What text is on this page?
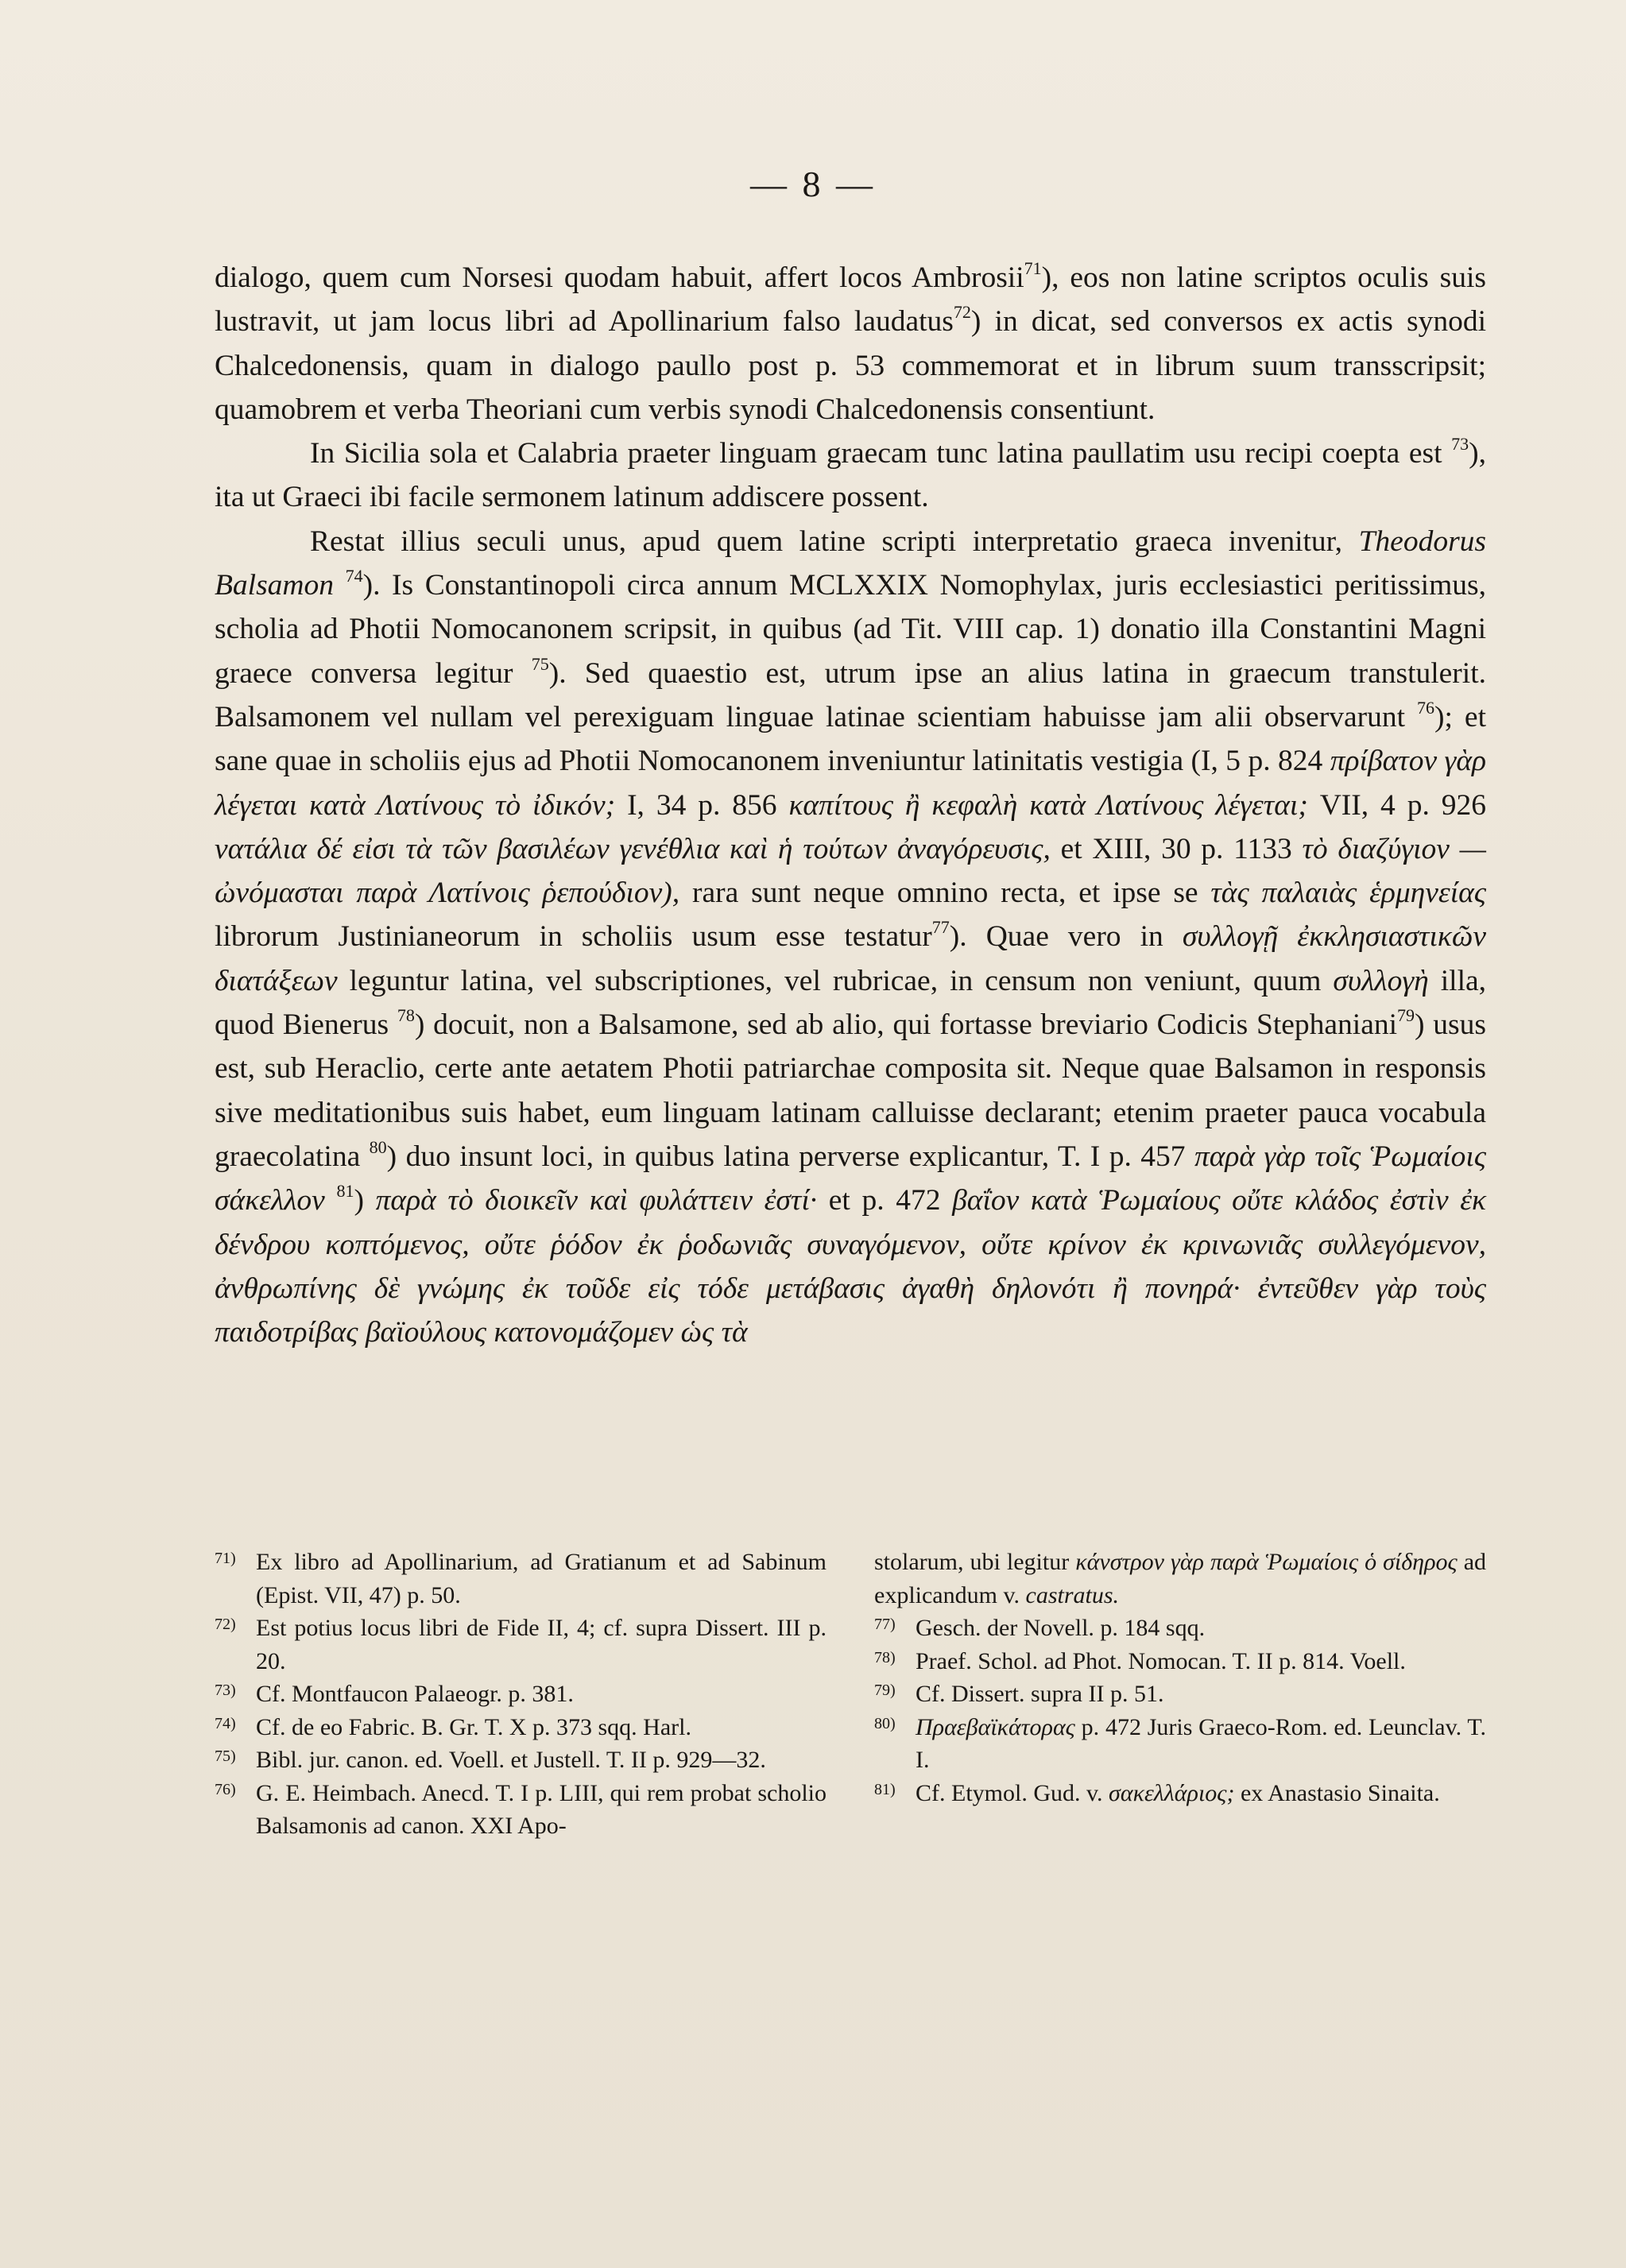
— 8 —

dialogo, quem cum Norsesi quodam habuit, affert locos Ambrosii$^{71}$), eos non latine scriptos oculis suis lustravit, ut jam locus libri ad Apollinarium falso laudatus$^{72}$) in dicat, sed conversos ex actis synodi Chalcedonensis, quam in dialogo paullo post p. 53 commemorat et in librum suum transscripsit; quamobrem et verba Theoriani cum verbis synodi Chalcedonensis consentiunt.

In Sicilia sola et Calabria praeter linguam graecam tunc latina paullatim usu recipi coepta est $^{73}$), ita ut Graeci ibi facile sermonem latinum addiscere possent.

Restat illius seculi unus, apud quem latine scripti interpretatio graeca invenitur, Theodorus Balsamon $^{74}$). Is Constantinopoli circa annum MCLXXIX Nomophylax, juris ecclesiastici peritissimus, scholia ad Photii Nomocanonem scripsit, in quibus (ad Tit. VIII cap. 1) donatio illa Constantini Magni graece conversa legitur $^{75}$). Sed quaestio est, utrum ipse an alius latina in graecum transtulerit. Balsamonem vel nullam vel perexiguam linguae latinae scientiam habuisse jam alii observarunt $^{76}$); et sane quae in scholiis ejus ad Photii Nomocanonem inveniuntur latinitatis vestigia (I, 5 p. 824 πρίβατον γὰρ λέγεται κατὰ Λατίνους τὸ ἰδικόν; I, 34 p. 856 καπίτους ἢ κεφαλὴ κατὰ Λατίνους λέγεται; VII, 4 p. 926 νατάλια δέ εἰσι τὰ τῶν βασιλέων γενέθλια καὶ ἡ τούτων ἀναγόρευσις, et XIII, 30 p. 1133 τὸ διαζύγιον — ὠνόμασται παρὰ Λατίνοις ῥεπούδιον), rara sunt neque omnino recta, et ipse se τὰς παλαιὰς ἑρμηνείας librorum Justinianeorum in scholiis usum esse testatur$^{77}$). Quae vero in συλλογῇ ἐκκλησιαστικῶν διατάξεων leguntur latina, vel subscriptiones, vel rubricae, in censum non veniunt, quum συλλογὴ illa, quod Bienerus $^{78}$) docuit, non a Balsamone, sed ab alio, qui fortasse breviario Codicis Stephaniani$^{79}$) usus est, sub Heraclio, certe ante aetatem Photii patriarchae composita sit. Neque quae Balsamon in responsis sive meditationibus suis habet, eum linguam latinam calluisse declarant; etenim praeter pauca vocabula graecolatina $^{80}$) duo insunt loci, in quibus latina perverse explicantur, T. I p. 457 παρὰ γὰρ τοῖς Ῥωμαίοις σάκελλον $^{81}$) παρὰ τὸ διοικεῖν καὶ φυλάττειν ἐστί· et p. 472 βαΐον κατὰ Ῥωμαίους οὔτε κλάδος ἐστὶν ἐκ δένδρου κοπτόμενος, οὔτε ῥόδον ἐκ ῥοδωνιᾶς συναγόμενον, οὔτε κρίνον ἐκ κρινωνιᾶς συλλεγόμενον, ἀνθρωπίνης δὲ γνώμης ἐκ τοῦδε εἰς τόδε μετάβασις ἀγαθὴ δηλονότι ἢ πονηρά· ἐντεῦθεν γὰρ τοὺς παιδοτρίβας βαϊούλους κατονομάζομεν ὡς τὰ

71) Ex libro ad Apollinarium, ad Gratianum et ad Sabinum (Epist. VII, 47) p. 50.

72) Est potius locus libri de Fide II, 4; cf. supra Dissert. III p. 20.

73) Cf. Montfaucon Palaeogr. p. 381.

74) Cf. de eo Fabric. B. Gr. T. X p. 373 sqq. Harl.

75) Bibl. jur. canon. ed. Voell. et Justell. T. II p. 929—32.

76) G. E. Heimbach. Anecd. T. I p. LIII, qui rem probat scholio Balsamonis ad canon. XXI Apo-

stolarum, ubi legitur κάνστρον γὰρ παρὰ Ῥωμαίοις ὁ σίδηρος ad explicandum v. castratus.

77) Gesch. der Novell. p. 184 sqq.

78) Praef. Schol. ad Phot. Nomocan. T. II p. 814. Voell.

79) Cf. Dissert. supra II p. 51.

80) Πραεβαϊκάτορας p. 472 Juris Graeco-Rom. ed. Leunclav. T. I.

81) Cf. Etymol. Gud. v. σακελλάριος; ex Anastasio Sinaita.
